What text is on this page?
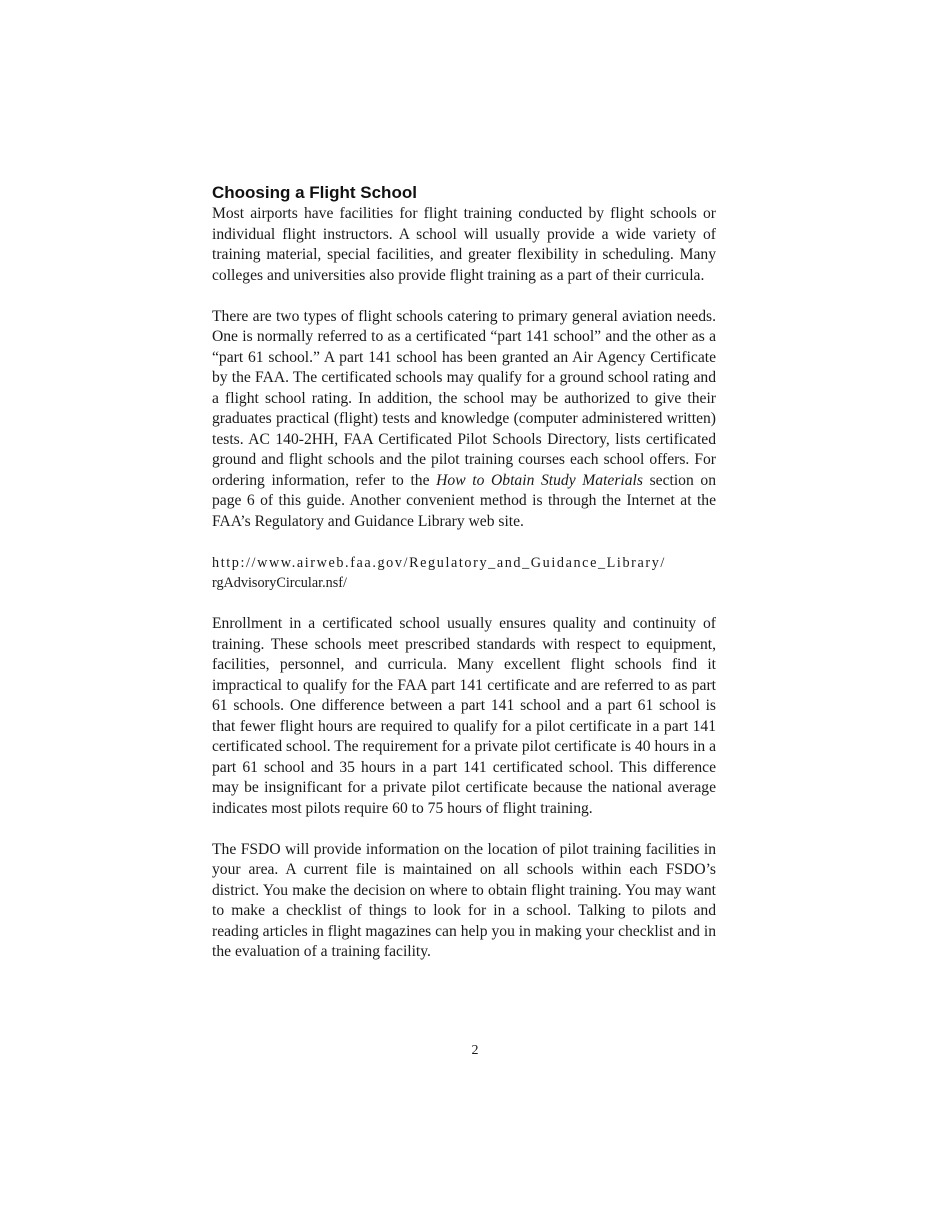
Choosing a Flight School

Most airports have facilities for flight training conducted by flight schools or individual flight instructors. A school will usually provide a wide variety of training material, special facilities, and greater flexibility in scheduling. Many colleges and universities also provide flight training as a part of their curricula.

There are two types of flight schools catering to primary general aviation needs. One is normally referred to as a certificated “part 141 school” and the other as a “part 61 school.” A part 141 school has been granted an Air Agency Certificate by the FAA. The certificated schools may qualify for a ground school rating and a flight school rating. In addition, the school may be authorized to give their graduates practical (flight) tests and knowledge (computer administered written) tests. AC 140-2HH, FAA Certificated Pilot Schools Directory, lists certificated ground and flight schools and the pilot training courses each school offers. For ordering information, refer to the How to Obtain Study Materials section on page 6 of this guide. Another convenient method is through the Internet at the FAA’s Regulatory and Guidance Library web site.

http://www.airweb.faa.gov/Regulatory_and_Guidance_Library/

rgAdvisoryCircular.nsf/

Enrollment in a certificated school usually ensures quality and continuity of training. These schools meet prescribed standards with respect to equipment, facilities, personnel, and curricula. Many excellent flight schools find it impractical to qualify for the FAA part 141 certificate and are referred to as part 61 schools. One difference between a part 141 school and a part 61 school is that fewer flight hours are required to qualify for a pilot certificate in a part 141 certificated school. The requirement for a private pilot certificate is 40 hours in a part 61 school and 35 hours in a part 141 certificated school. This difference may be insignificant for a private pilot certificate because the national average indicates most pilots require 60 to 75 hours of flight training.

The FSDO will provide information on the location of pilot training facilities in your area. A current file is maintained on all schools within each FSDO’s district. You make the decision on where to obtain flight training. You may want to make a checklist of things to look for in a school. Talking to pilots and reading articles in flight magazines can help you in making your checklist and in the evaluation of a training facility.

2
